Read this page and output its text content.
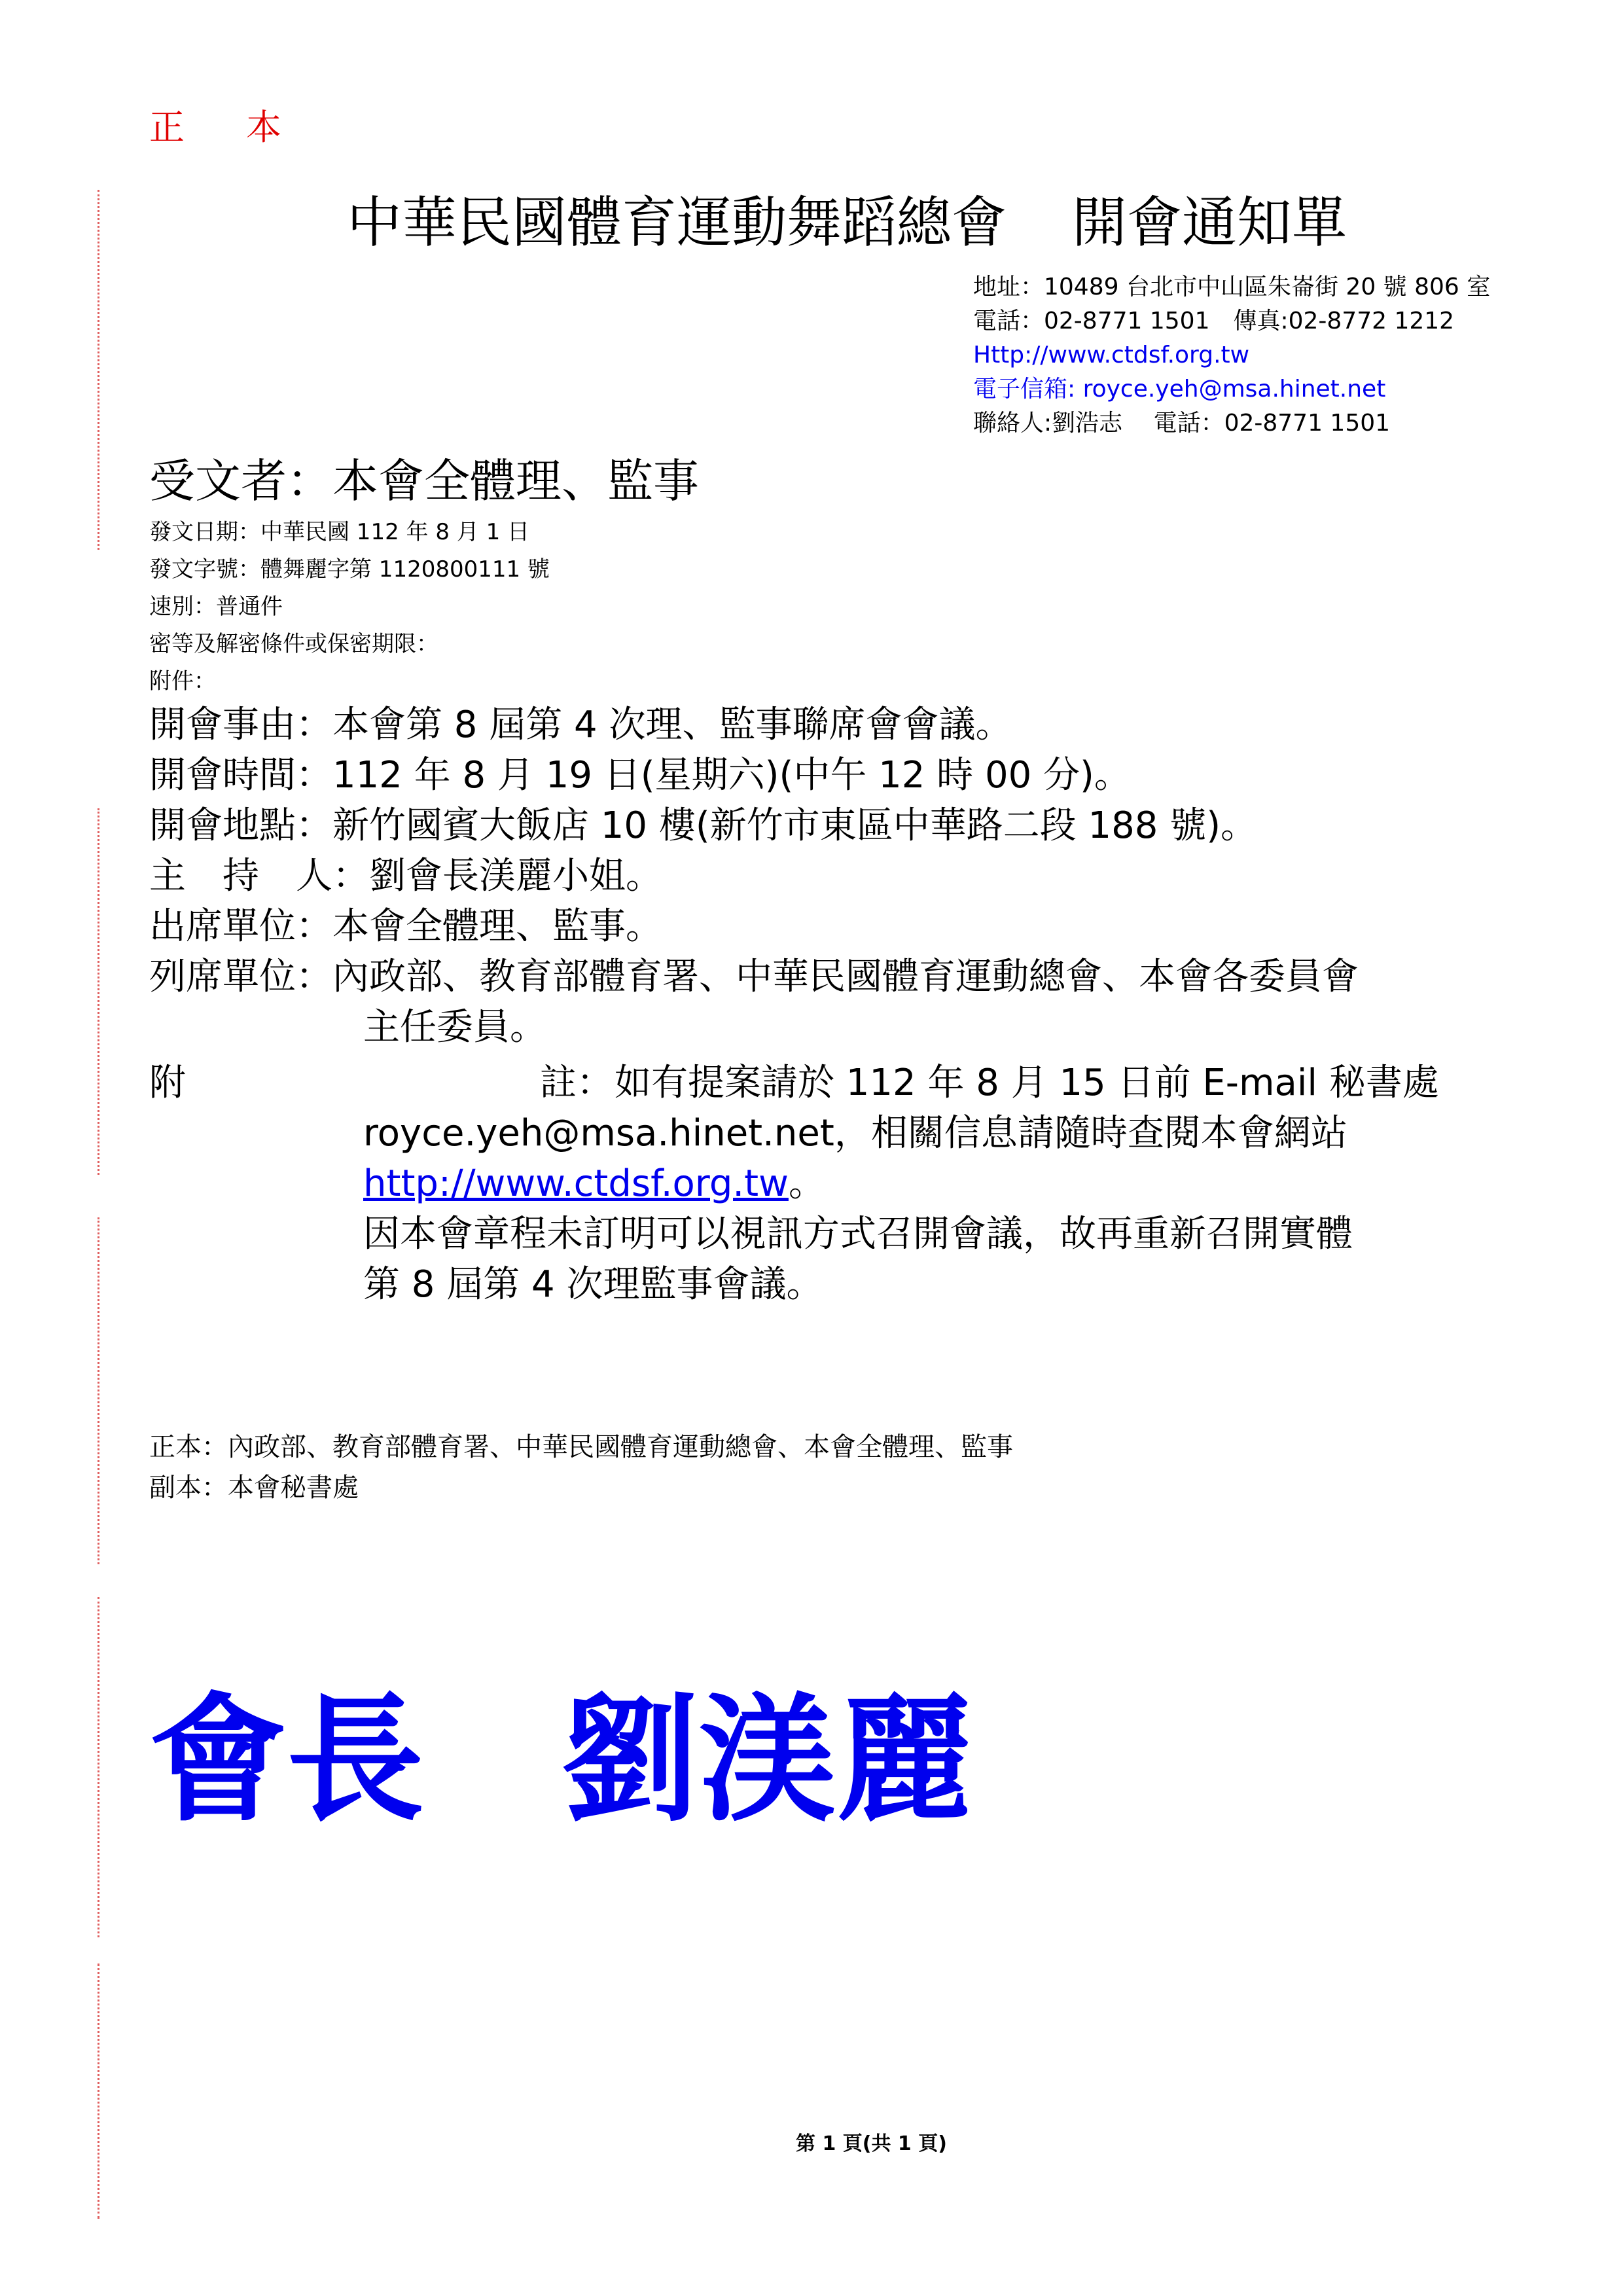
正　本
中華民國體育運動舞蹈總會 開會通知單
地址：10489 台北市中山區朱崙街 20 號 806 室
電話：02-8771 1501　傳真:02-8772 1212
Http://www.ctdsf.org.tw
電子信箱: royce.yeh@msa.hinet.net
聯絡人:劉浩志　 電話：02-8771 1501
受文者：本會全體理、監事
發文日期：中華民國 112 年 8 月 1 日
發文字號：體舞麗字第 1120800111 號
速別：普通件
密等及解密條件或保密期限：
附件：
開會事由：本會第 8 屆第 4 次理、監事聯席會會議。
開會時間：112 年 8 月 19 日(星期六)(中午 12 時 00 分)。
開會地點：新竹國賓大飯店 10 樓(新竹市東區中華路二段 188 號)。
主　持　人：劉會長渼麗小姐。
出席單位：本會全體理、監事。
列席單位：內政部、教育部體育署、中華民國體育運動總會、本會各委員會
主任委員。
附	註： 如有提案請於 112 年 8 月 15 日前 E-mail 秘書處
royce.yeh@msa.hinet.net，相關信息請隨時查閱本會網站
http://www.ctdsf.org.tw。
因本會章程未訂明可以視訊方式召開會議，故再重新召開實體
第 8 屆第 4 次理監事會議。
正本：內政部、教育部體育署、中華民國體育運動總會、本會全體理、監事
副本：本會秘書處
會長　劉渼麗
第 1 頁(共 1 頁)
